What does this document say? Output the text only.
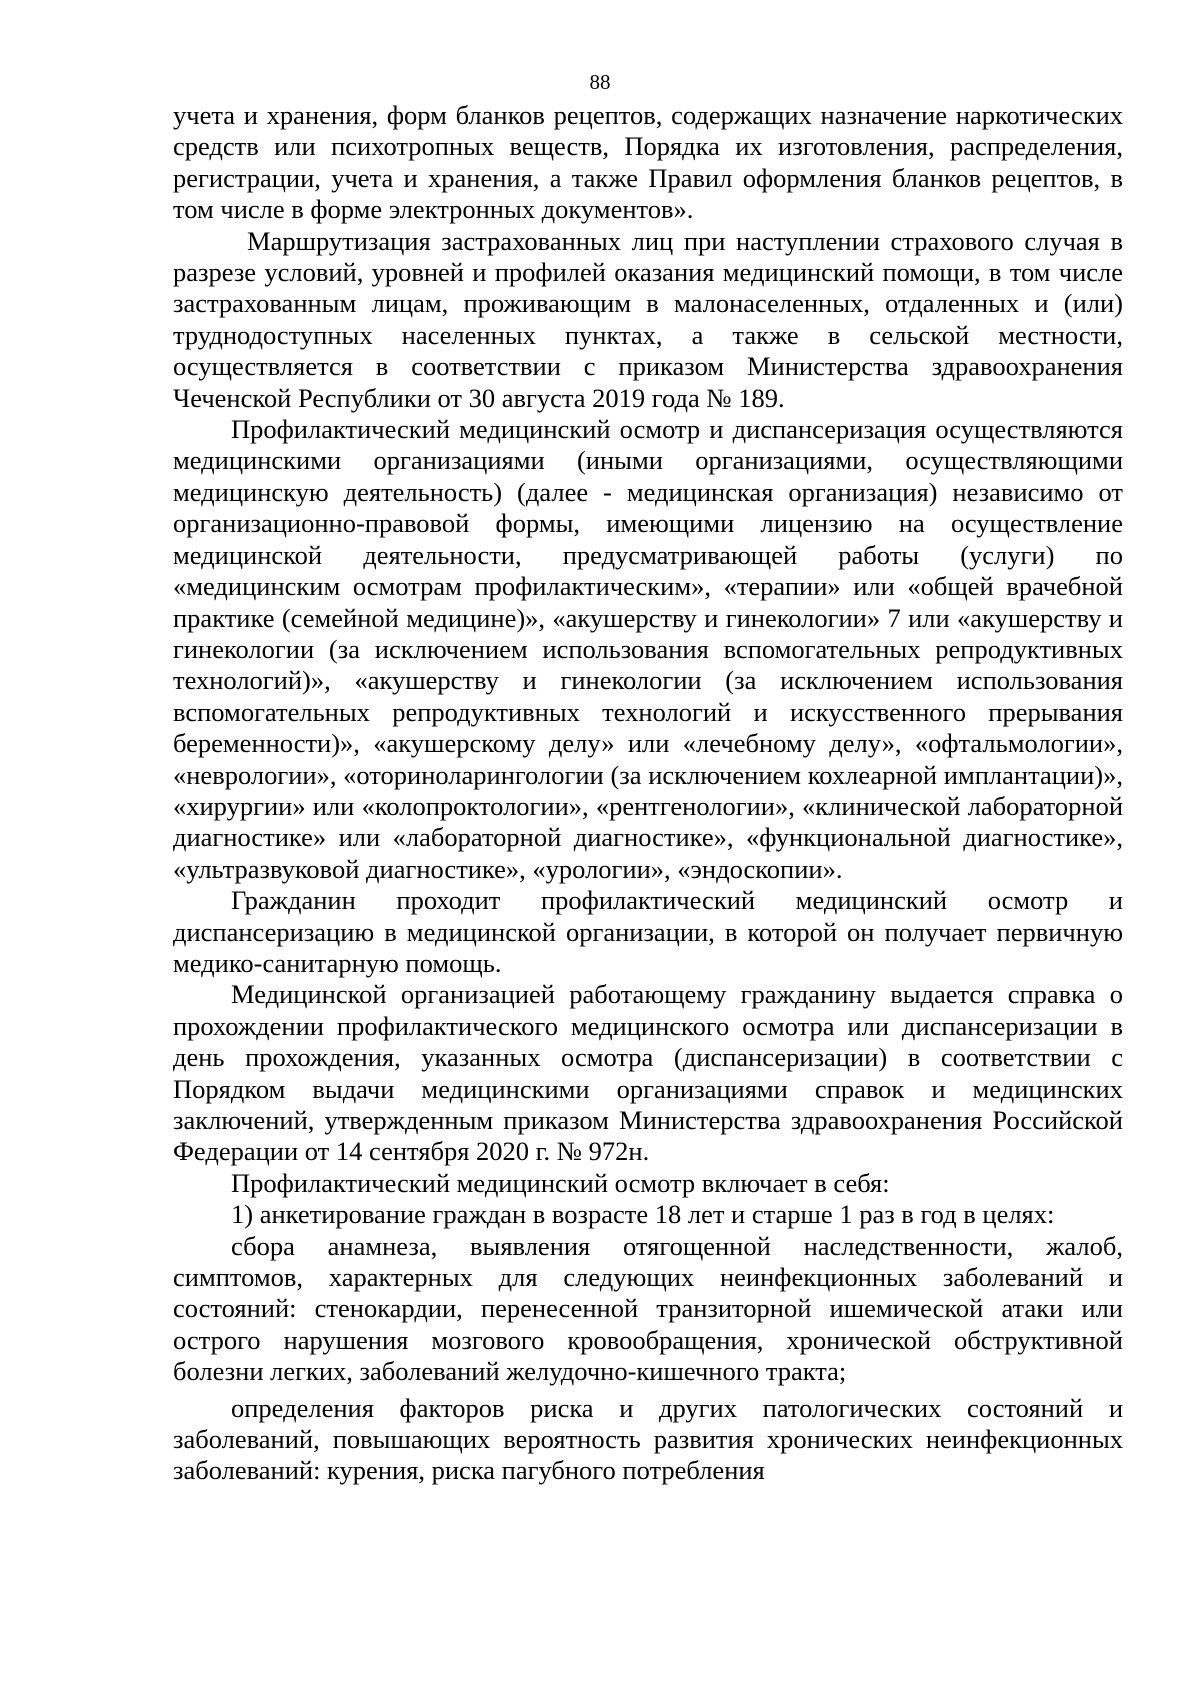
88

учета и хранения, форм бланков рецептов, содержащих назначение наркотических средств или психотропных веществ, Порядка их изготовления, распределения, регистрации, учета и хранения, а также Правил оформления бланков рецептов, в том числе в форме электронных документов».

Маршрутизация застрахованных лиц при наступлении страхового случая в разрезе условий, уровней и профилей оказания медицинский помощи, в том числе застрахованным лицам, проживающим в малонаселенных, отдаленных и (или) труднодоступных населенных пунктах, а также в сельской местности, осуществляется в соответствии с приказом Министерства здравоохранения Чеченской Республики от 30 августа 2019 года № 189.

Профилактический медицинский осмотр и диспансеризация осуществляются медицинскими организациями (иными организациями, осуществляющими медицинскую деятельность) (далее - медицинская организация) независимо от организационно-правовой формы, имеющими лицензию на осуществление медицинской деятельности, предусматривающей работы (услуги) по «медицинским осмотрам профилактическим», «терапии» или «общей врачебной практике (семейной медицине)», «акушерству и гинекологии» 7 или «акушерству и гинекологии (за исключением использования вспомогательных репродуктивных технологий)», «акушерству и гинекологии (за исключением использования вспомогательных репродуктивных технологий и искусственного прерывания беременности)», «акушерскому делу» или «лечебному делу», «офтальмологии», «неврологии», «оториноларингологии (за исключением кохлеарной имплантации)», «хирургии» или «колопроктологии», «рентгенологии», «клинической лабораторной диагностике» или «лабораторной диагностике», «функциональной диагностике», «ультразвуковой диагностике», «урологии», «эндоскопии».

Гражданин проходит профилактический медицинский осмотр и диспансеризацию в медицинской организации, в которой он получает первичную медико-санитарную помощь.

Медицинской организацией работающему гражданину выдается справка о прохождении профилактического медицинского осмотра или диспансеризации в день прохождения, указанных осмотра (диспансеризации) в соответствии с Порядком выдачи медицинскими организациями справок и медицинских заключений, утвержденным приказом Министерства здравоохранения Российской Федерации от 14 сентября 2020 г. № 972н.

Профилактический медицинский осмотр включает в себя:

1) анкетирование граждан в возрасте 18 лет и старше 1 раз в год в целях:

сбора анамнеза, выявления отягощенной наследственности, жалоб, симптомов, характерных для следующих неинфекционных заболеваний и состояний: стенокардии, перенесенной транзиторной ишемической атаки или острого нарушения мозгового кровообращения, хронической обструктивной болезни легких, заболеваний желудочно-кишечного тракта;

определения факторов риска и других патологических состояний и заболеваний, повышающих вероятность развития хронических неинфекционных заболеваний: курения, риска пагубного потребления
